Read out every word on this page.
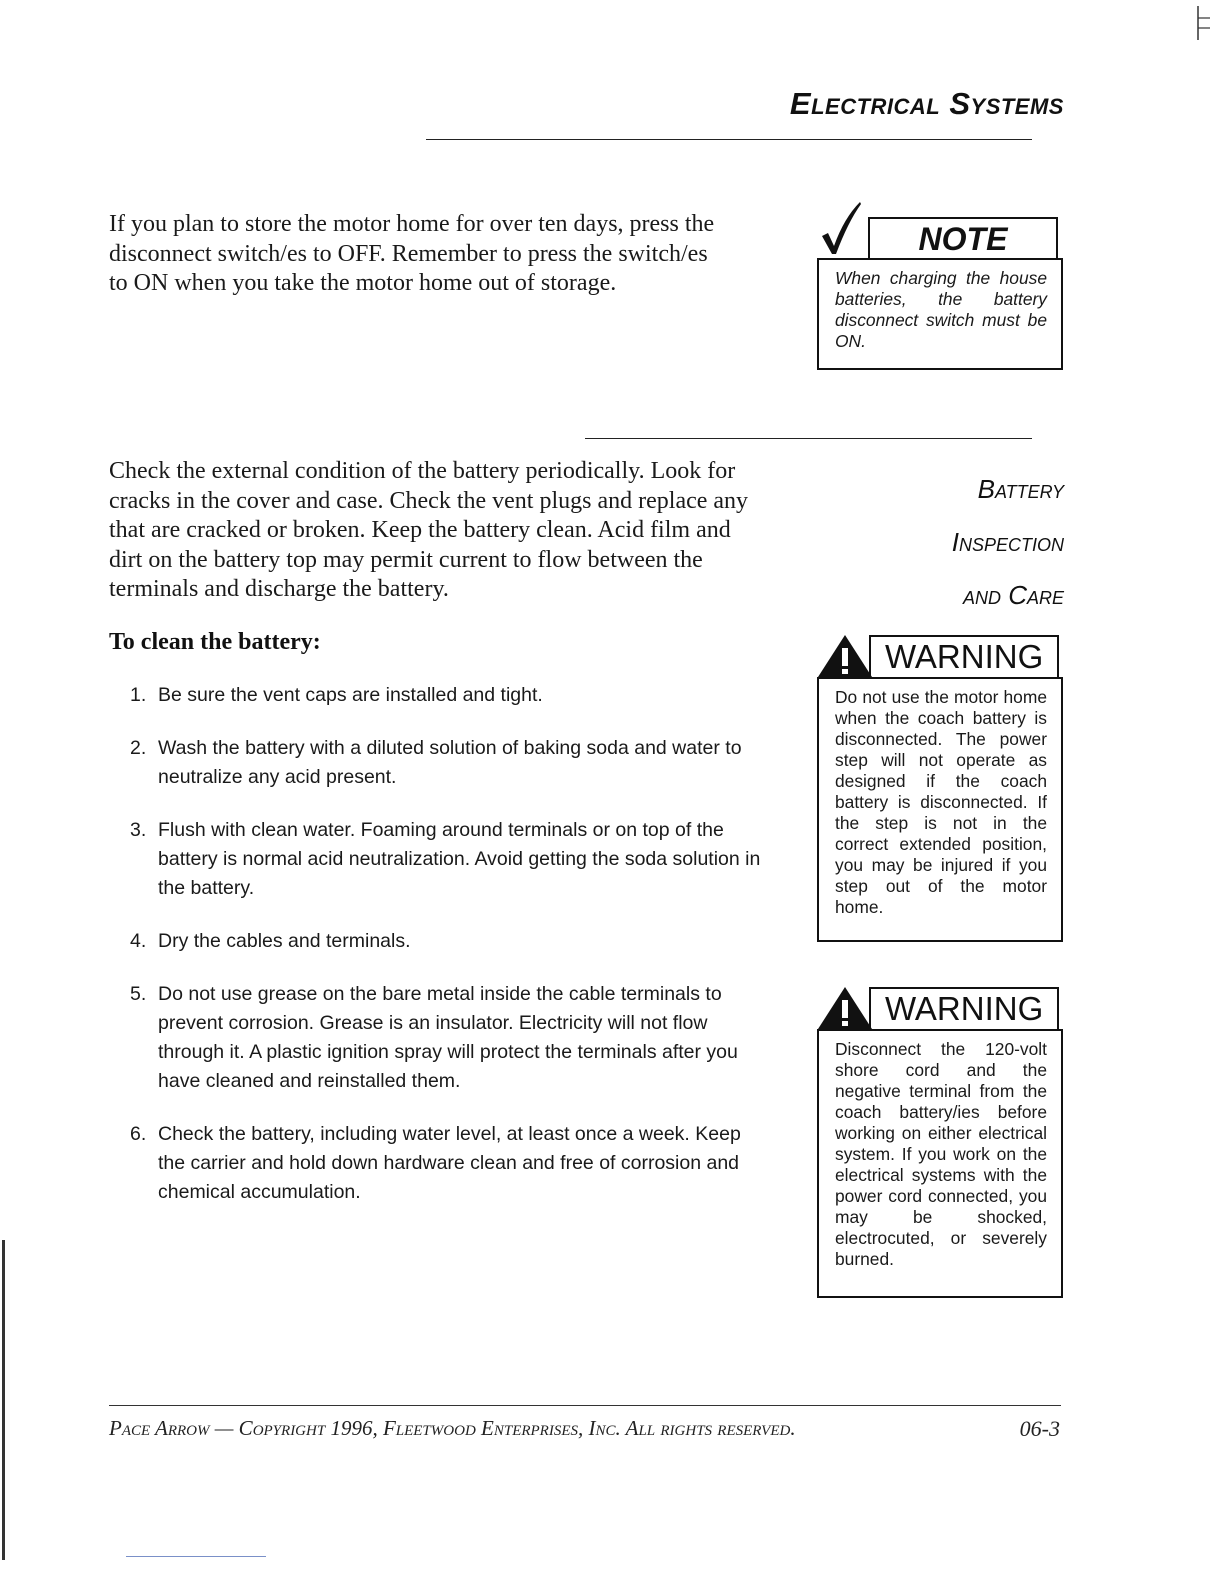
Electrical Systems
If you plan to store the motor home for over ten days, press the disconnect switch/es to OFF. Remember to press the switch/es to ON when you take the motor home out of storage.
NOTE
When charging the house batteries, the battery disconnect switch must be ON.
Battery
Inspection
and Care
Check the external condition of the battery periodically. Look for cracks in the cover and case. Check the vent plugs and replace any that are cracked or broken. Keep the battery clean. Acid film and dirt on the battery top may permit current to flow between the terminals and discharge the battery.
To clean the battery:
1. Be sure the vent caps are installed and tight.
2. Wash the battery with a diluted solution of baking soda and water to neutralize any acid present.
3. Flush with clean water. Foaming around terminals or on top of the battery is normal acid neutralization. Avoid getting the soda solution in the battery.
4. Dry the cables and terminals.
5. Do not use grease on the bare metal inside the cable terminals to prevent corrosion. Grease is an insulator. Electricity will not flow through it. A plastic ignition spray will protect the terminals after you have cleaned and reinstalled them.
6. Check the battery, including water level, at least once a week. Keep the carrier and hold down hardware clean and free of corrosion and chemical accumulation.
WARNING
Do not use the motor home when the coach battery is disconnected. The power step will not operate as designed if the coach battery is disconnected. If the step is not in the correct extended position, you may be injured if you step out of the motor home.
WARNING
Disconnect the 120-volt shore cord and the negative terminal from the coach battery/ies before working on either electrical system. If you work on the electrical systems with the power cord connected, you may be shocked, electrocuted, or severely burned.
Pace Arrow — Copyright 1996, Fleetwood Enterprises, Inc. All rights reserved.	06-3
